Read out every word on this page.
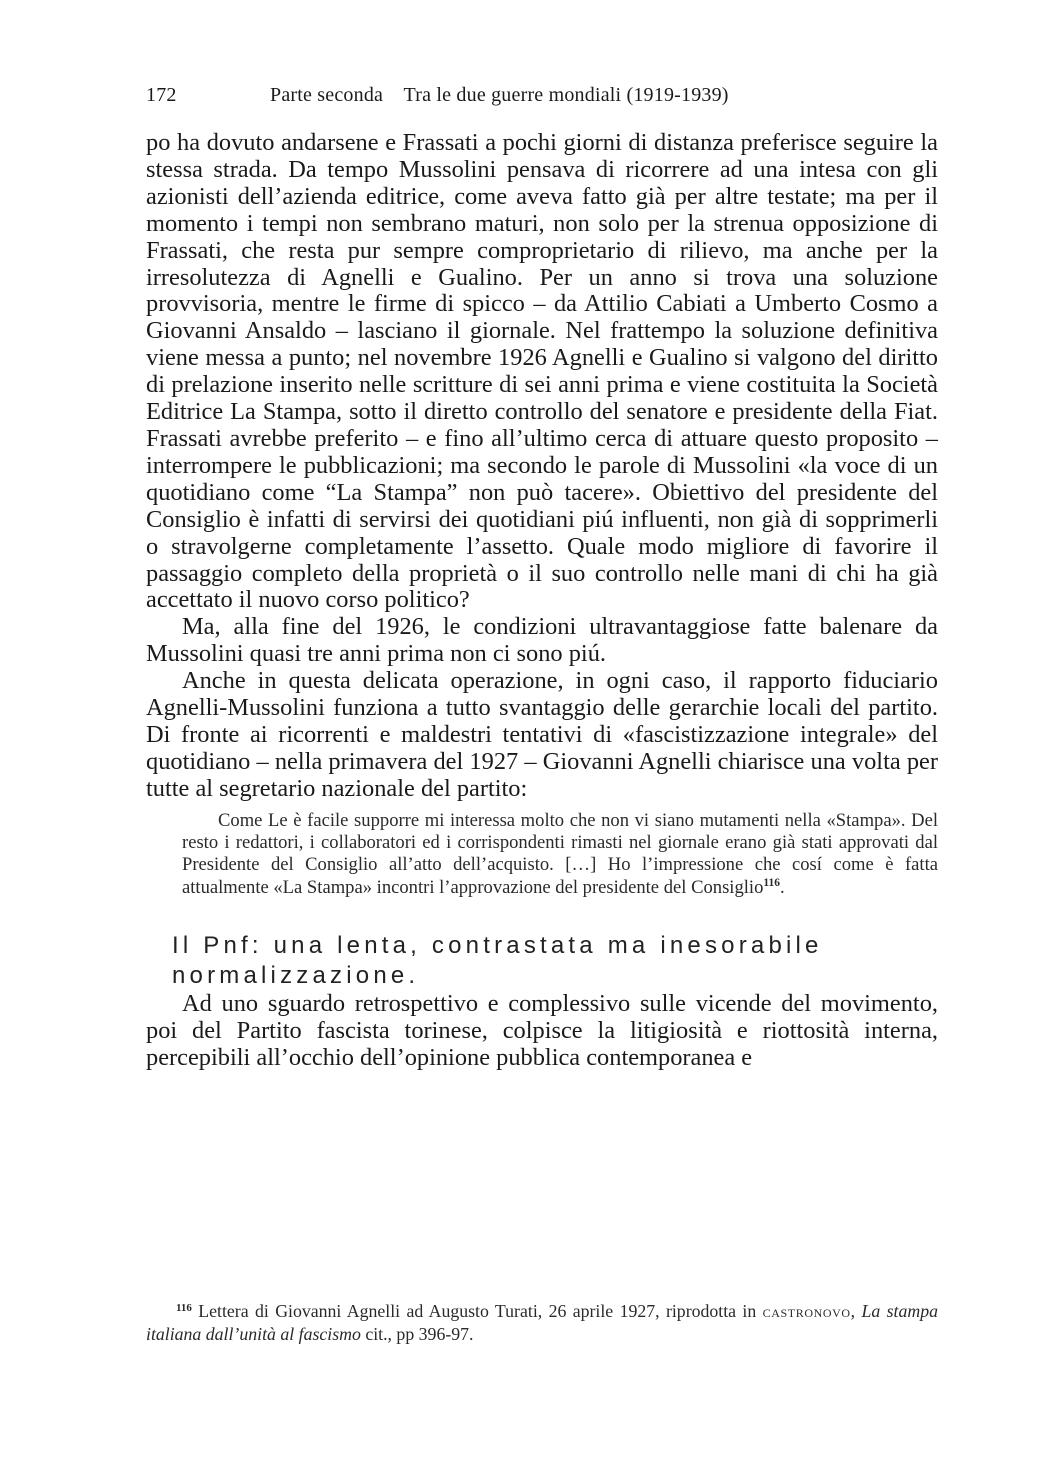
172	Parte seconda    Tra le due guerre mondiali (1919-1939)

po ha dovuto andarsene e Frassati a pochi giorni di distanza preferisce seguire la stessa strada. Da tempo Mussolini pensava di ricorrere ad una intesa con gli azionisti dell’azienda editrice, come aveva fatto già per altre testate; ma per il momento i tempi non sembrano maturi, non solo per la strenua opposizione di Frassati, che resta pur sempre comproprietario di rilievo, ma anche per la irresolutezza di Agnelli e Gualino. Per un anno si trova una soluzione provvisoria, mentre le firme di spicco – da Attilio Cabiati a Umberto Cosmo a Giovanni Ansaldo – lasciano il giornale. Nel frattempo la soluzione definitiva viene messa a punto; nel novembre 1926 Agnelli e Gualino si valgono del diritto di prelazione inserito nelle scritture di sei anni prima e viene costituita la Società Editrice La Stampa, sotto il diretto controllo del senatore e presidente della Fiat. Frassati avrebbe preferito – e fino all’ultimo cerca di attuare questo proposito – interrompere le pubblicazioni; ma secondo le parole di Mussolini «la voce di un quotidiano come “La Stampa” non può tacere». Obiettivo del presidente del Consiglio è infatti di servirsi dei quotidiani piú influenti, non già di sopprimerli o stravolgerne completamente l’assetto. Quale modo migliore di favorire il passaggio completo della proprietà o il suo controllo nelle mani di chi ha già accettato il nuovo corso politico?

Ma, alla fine del 1926, le condizioni ultravantaggiose fatte balenare da Mussolini quasi tre anni prima non ci sono piú.

Anche in questa delicata operazione, in ogni caso, il rapporto fiduciario Agnelli-Mussolini funziona a tutto svantaggio delle gerarchie locali del partito. Di fronte ai ricorrenti e maldestri tentativi di «fascistizzazione integrale» del quotidiano – nella primavera del 1927 – Giovanni Agnelli chiarisce una volta per tutte al segretario nazionale del partito:

Come Le è facile supporre mi interessa molto che non vi siano mutamenti nella «Stampa». Del resto i redattori, i collaboratori ed i corrispondenti rimasti nel giornale erano già stati approvati dal Presidente del Consiglio all’atto dell’acquisto. […] Ho l’impressione che cosí come è fatta attualmente «La Stampa» incontri l’approvazione del presidente del Consiglio$^{116}$.
Il Pnf: una lenta, contrastata ma inesorabile normalizzazione.

Ad uno sguardo retrospettivo e complessivo sulle vicende del movimento, poi del Partito fascista torinese, colpisce la litigiosità e riottosità interna, percepibili all’occhio dell’opinione pubblica contemporanea e

$^{116}$ Lettera di Giovanni Agnelli ad Augusto Turati, 26 aprile 1927, riprodotta in castronovo, La stampa italiana dall’unità al fascismo cit., pp 396-97.
